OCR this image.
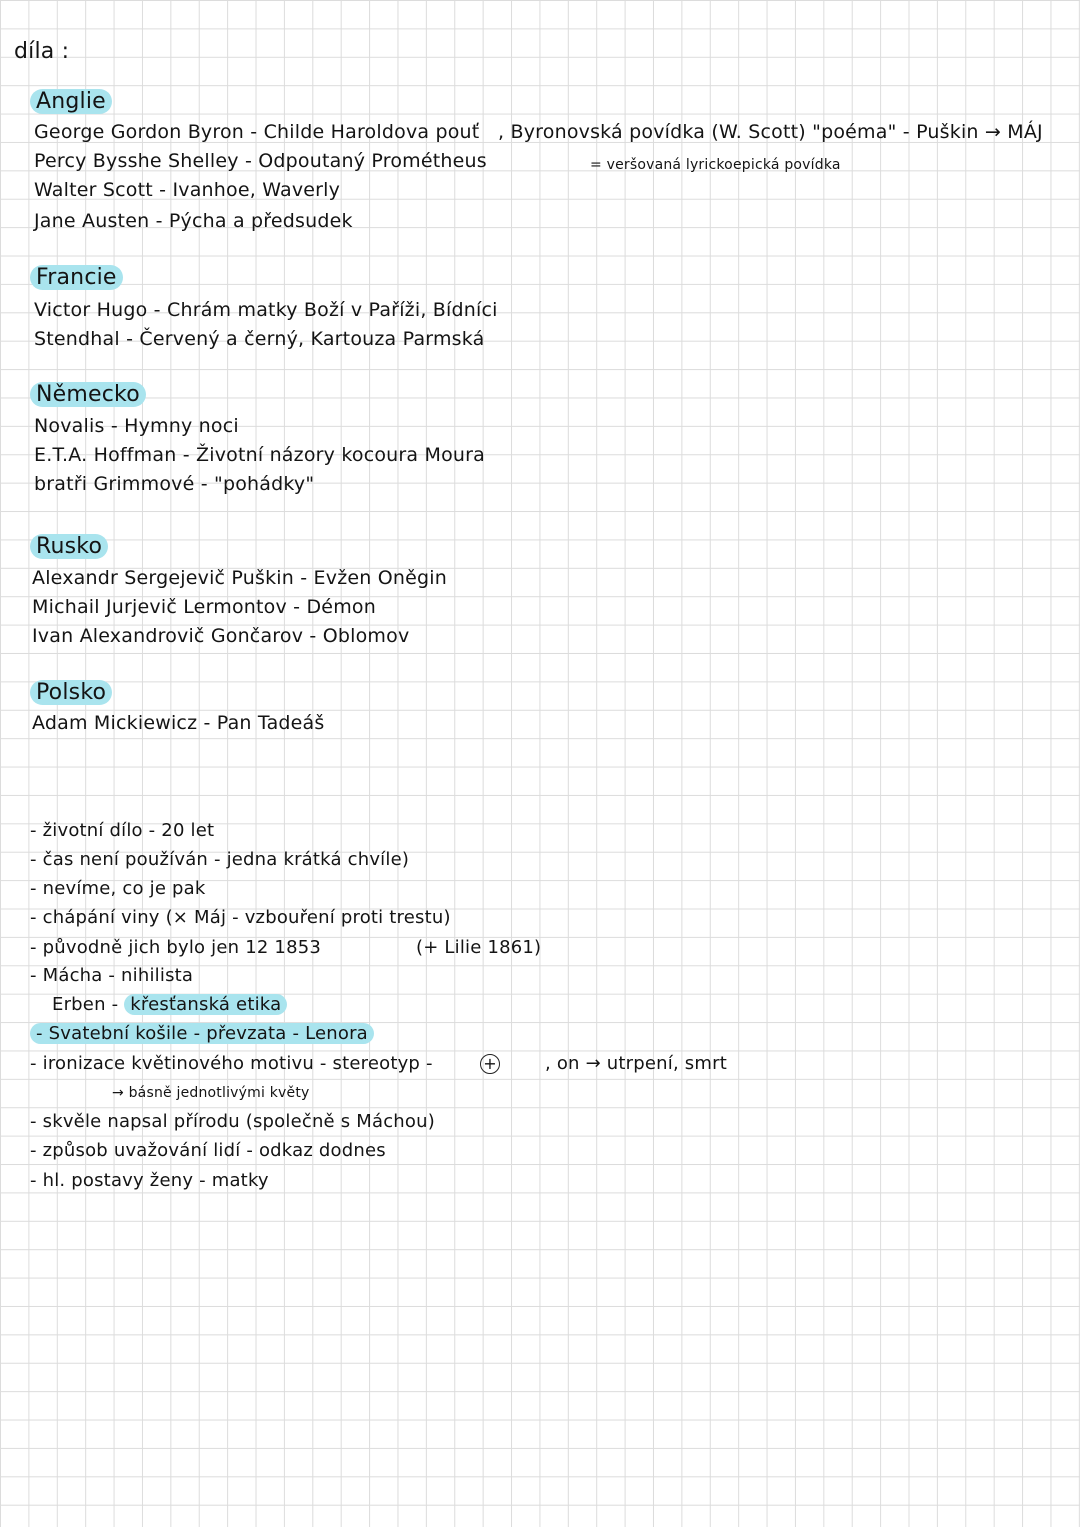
díla :
Anglie
George Gordon Byron - Childe Haroldova pouť
Percy Bysshe Shelley - Odpoutaný Prométheus
Walter Scott - Ivanhoe, Waverly
Jane Austen - Pýcha a předsudek
, Byronovská povídka (W. Scott) "poéma" - Puškin → MÁJ
= veršovaná lyrickoepická povídka
Francie
Victor Hugo - Chrám matky Boží v Paříži, Bídníci
Stendhal - Červený a černý, Kartouza Parmská
Německo
Novalis - Hymny noci
E.T.A. Hoffman - Životní názory kocoura Moura
bratři Grimmové - "pohádky"
Rusko
Alexandr Sergejevič Puškin - Evžen Oněgin
Michail Jurjevič Lermontov - Démon
Ivan Alexandrovič Gončarov - Oblomov
Polsko
Adam Mickiewicz - Pan Tadeáš
- životní dílo - 20 let
- čas není používán - jedna krátká chvíle)
- nevíme, co je pak
- chápání viny (× Máj - vzbouření proti trestu)
- původně jich bylo jen 12 1853	(+ Lilie 1861)
- Mácha - nihilista
Erben - křesťanská etika
- Svatební košile - převzata - Lenora
- ironizace květinového motivu - stereotyp -	+	, on → utrpení, smrt
→ básně jednotlivými květy
- skvěle napsal přírodu (společně s Máchou)
- způsob uvažování lidí - odkaz dodnes
- hl. postavy ženy - matky
